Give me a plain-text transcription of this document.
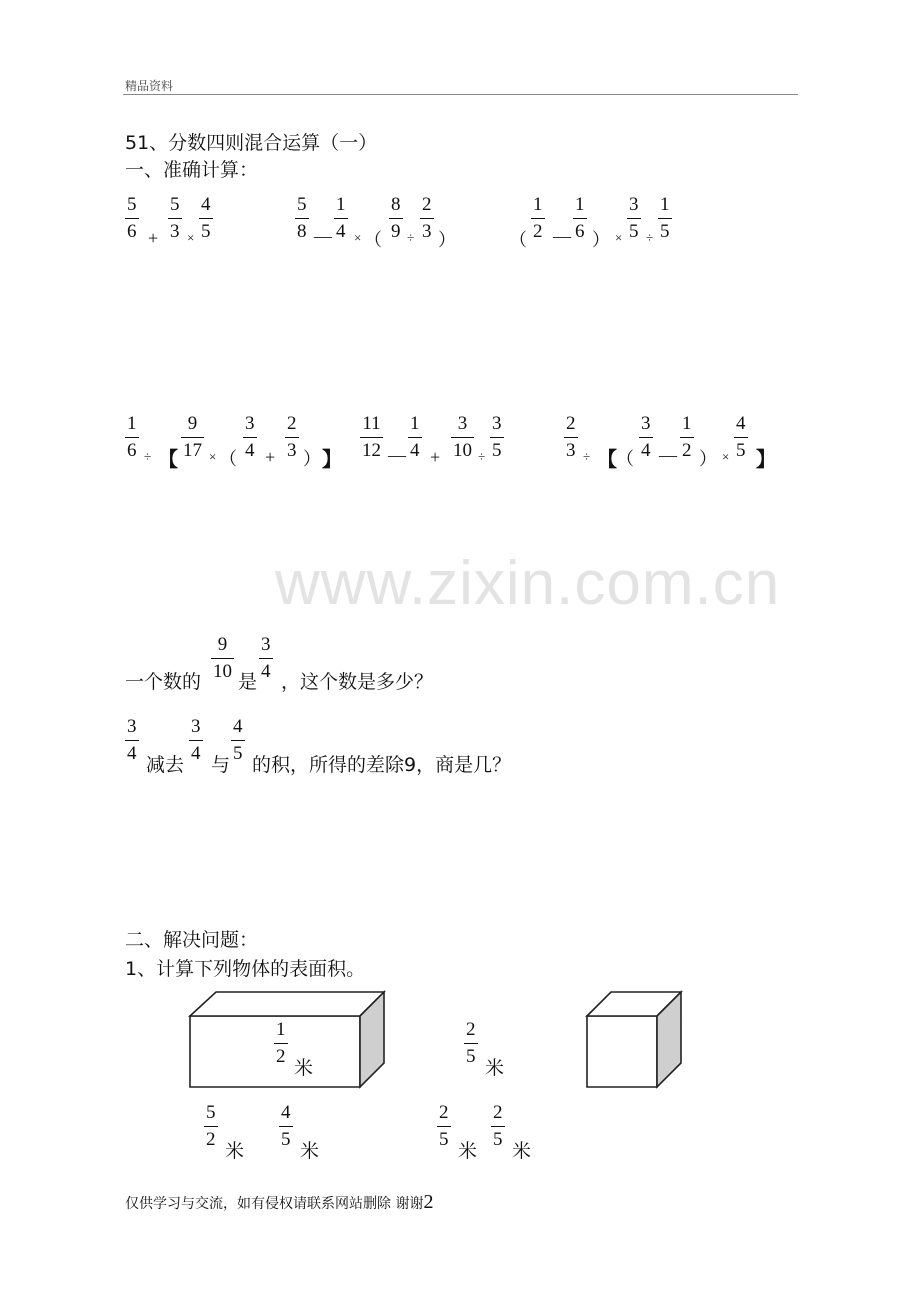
精品资料
51、分数四则混合运算（一）
一、准确计算：
5
6 +
5
3 ×
4
5
5
8 —
1
4 × （
8
9 ÷
2
3 ）	（
1
2 —
1
6 ） ×
3
5 ÷
1
5
1
6 ÷ 【
9
17 × （
3
4 +
2
3 ） 】
11
12 —
1
4 +
3
10 ÷
3
5
2
3 ÷ 【 （
3
4 —
1
2 ） ×
4
5 】
www.zixin.com.cn
一个数的
9
10 是
3
4 ，这个数是多少？
3
4
减去
3
4
与
4
5
的积，所得的差除9，商是几？
二、解决问题：
1、计算下列物体的表面积。
1
2
米
5
2
米
4
5
米
2
5
米
2
5
米
2
5
米
仅供学习与交流，如有侵权请联系网站删除 谢谢2
